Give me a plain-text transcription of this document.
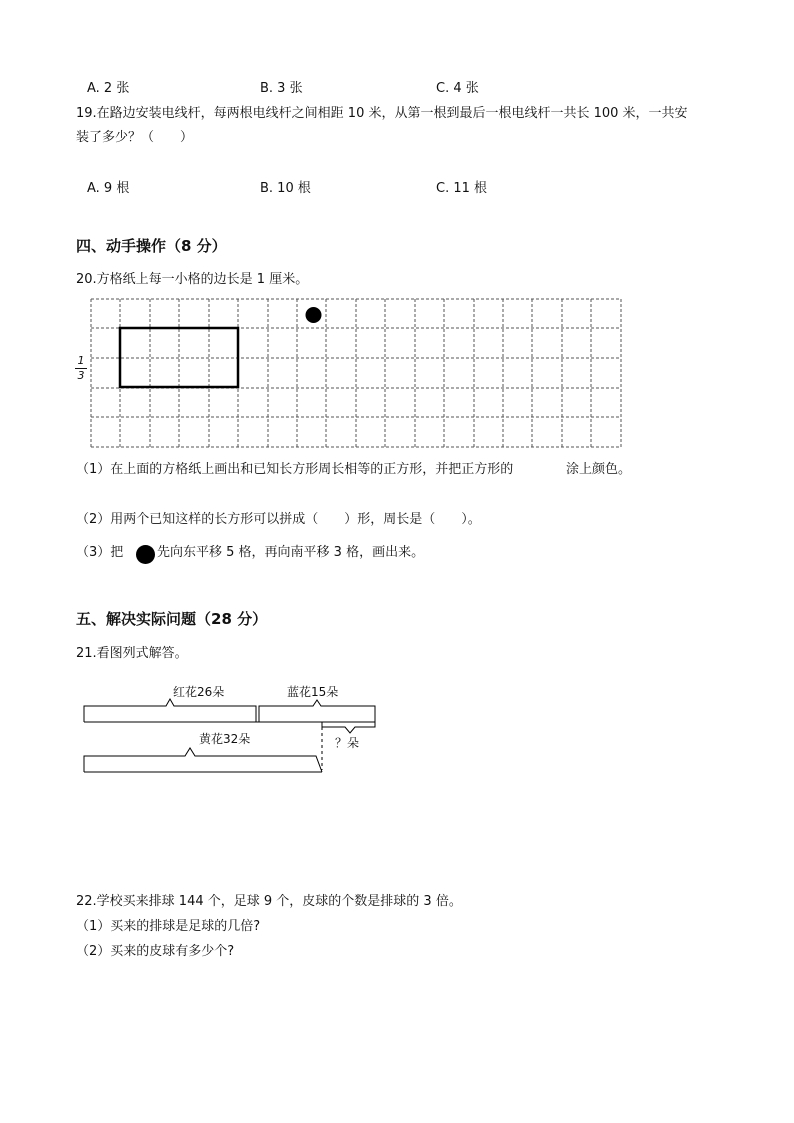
A. 2 张	B. 3 张	C. 4 张
19.在路边安装电线杆，每两根电线杆之间相距 10 米，从第一根到最后一根电线杆一共长 100 米，一共安
装了多少？（　　）
A. 9 根	B. 10 根	C. 11 根
四、动手操作（8 分）
20.方格纸上每一小格的边长是 1 厘米。
1
3
（1）在上面的方格纸上画出和已知长方形周长相等的正方形，并把正方形的	涂上颜色。
（2）用两个已知这样的长方形可以拼成（　　）形，周长是（　　）。
（3）把	先向东平移 5 格，再向南平移 3 格，画出来。
五、解决实际问题（28 分）
21.看图列式解答。
红花26朵	蓝花15朵
黄花32朵	？朵
22.学校买来排球 144 个，足球 9 个，皮球的个数是排球的 3 倍。
（1）买来的排球是足球的几倍?
（2）买来的皮球有多少个?
